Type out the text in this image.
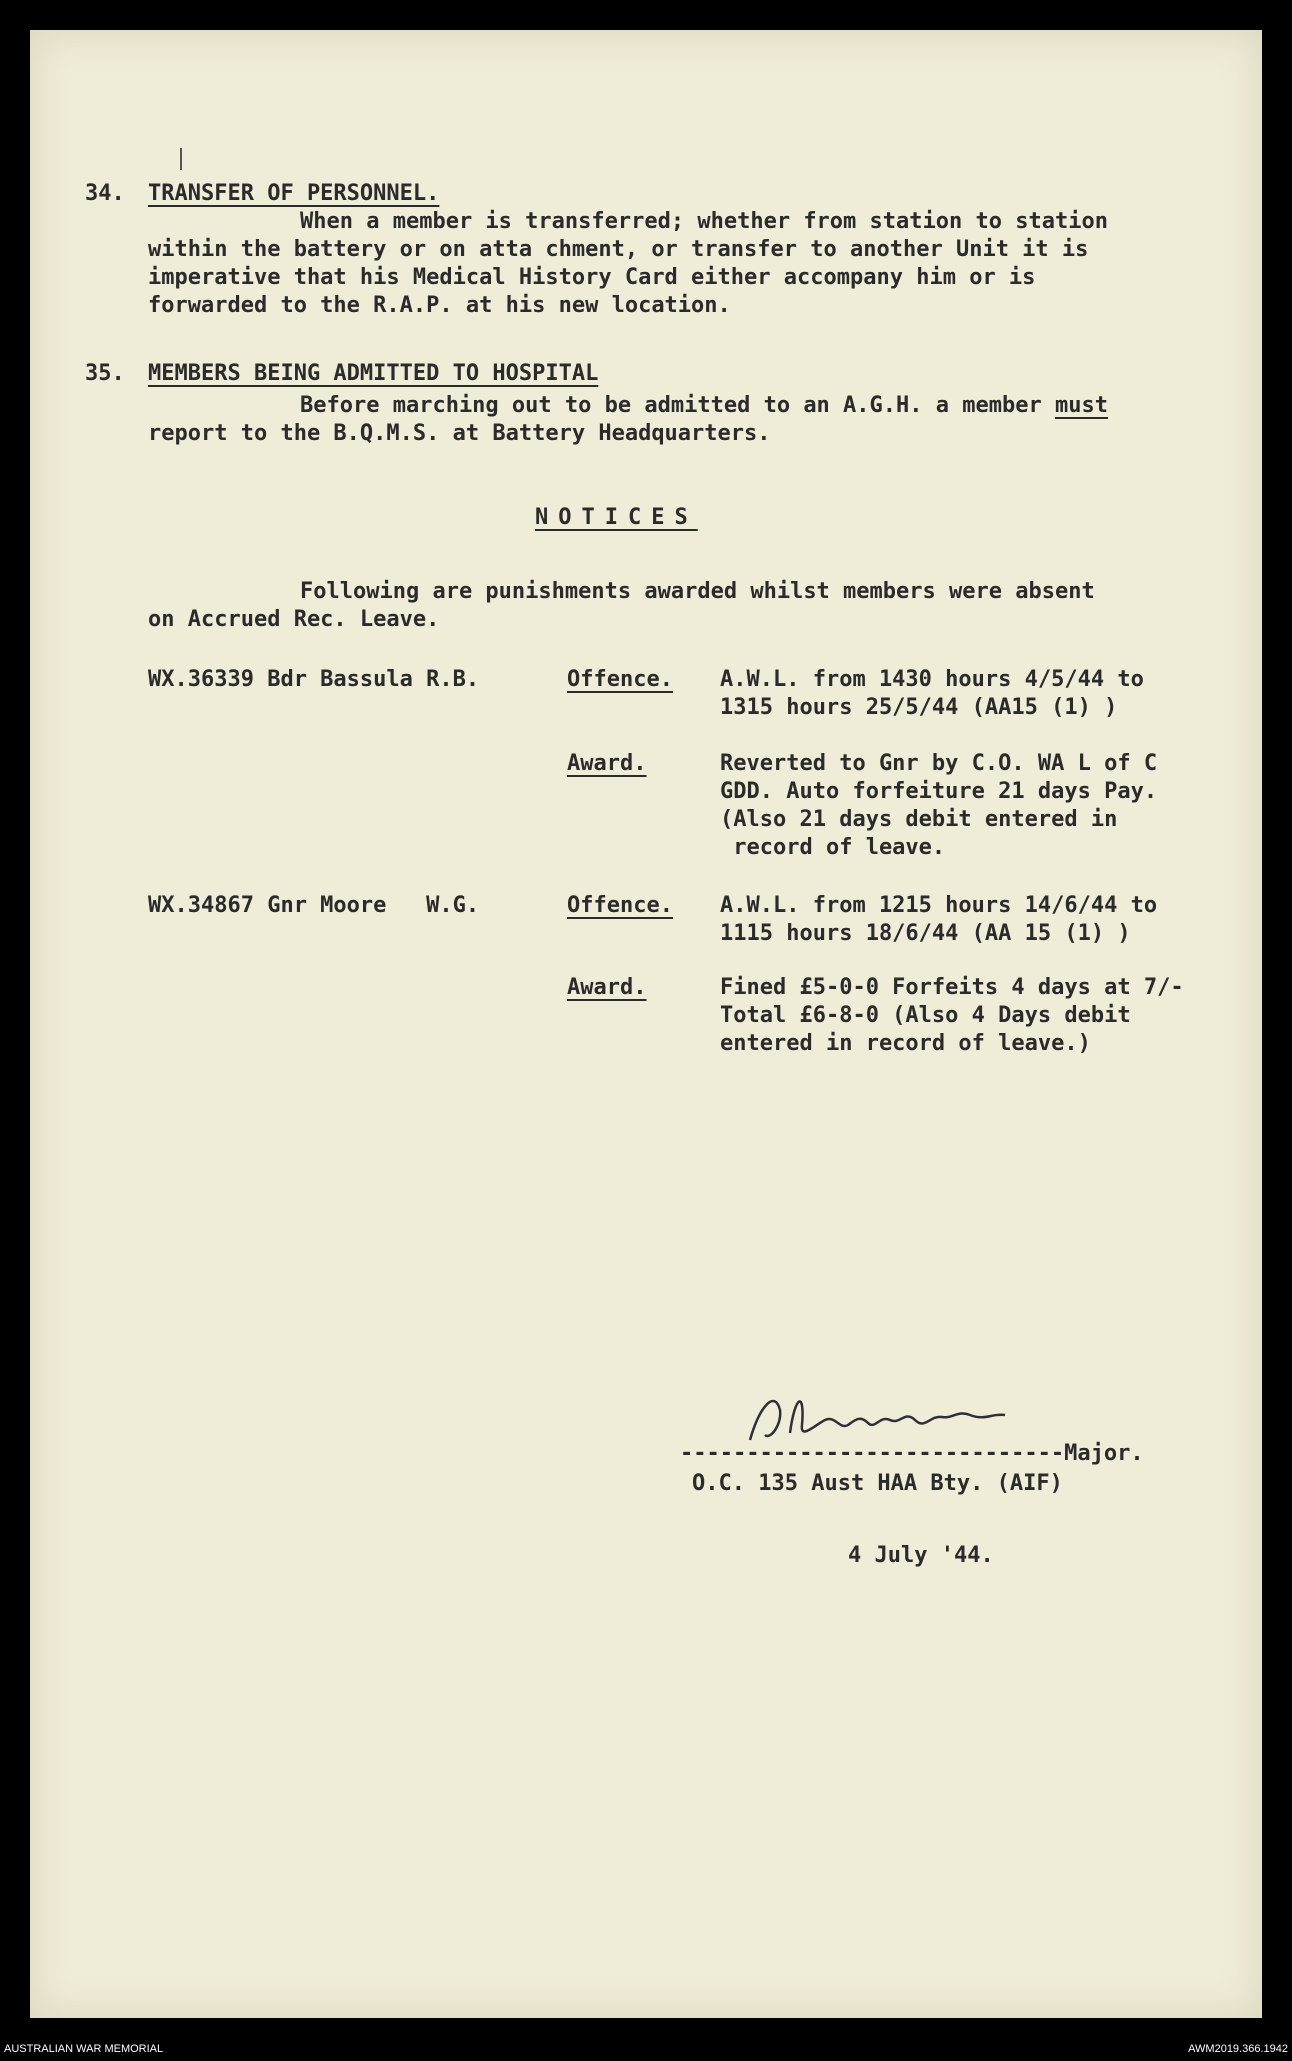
34. TRANSFER OF PERSONNEL.
When a member is transferred; whether from station to station
within the battery or on atta chment, or transfer to another Unit it is
imperative that his Medical History Card either accompany him or is
forwarded to the R.A.P. at his new location.
35. MEMBERS BEING ADMITTED TO HOSPITAL
Before marching out to be admitted to an A.G.H. a member must
report to the B.Q.M.S. at Battery Headquarters.
NOTICES
Following are punishments awarded whilst members were absent
on Accrued Rec. Leave.
WX.36339 Bdr Bassula R.B.	Offence. A.W.L. from 1430 hours 4/5/44 to
1315 hours 25/5/44 (AA15 (1) )
Award.	Reverted to Gnr by C.O. WA L of C
GDD. Auto forfeiture 21 days Pay.
(Also 21 days debit entered in
record of leave.
WX.34867 Gnr Moore   W.G.	Offence. A.W.L. from 1215 hours 14/6/44 to
1115 hours 18/6/44 (AA 15 (1) )
Award.	Fined £5-0-0 Forfeits 4 days at 7/-
Total £6-8-0 (Also 4 Days debit
entered in record of leave.)
-----------------------------Major.
O.C. 135 Aust HAA Bty. (AIF)
4 July '44.
AUSTRALIAN WAR MEMORIAL	AWM2019.366.1942
